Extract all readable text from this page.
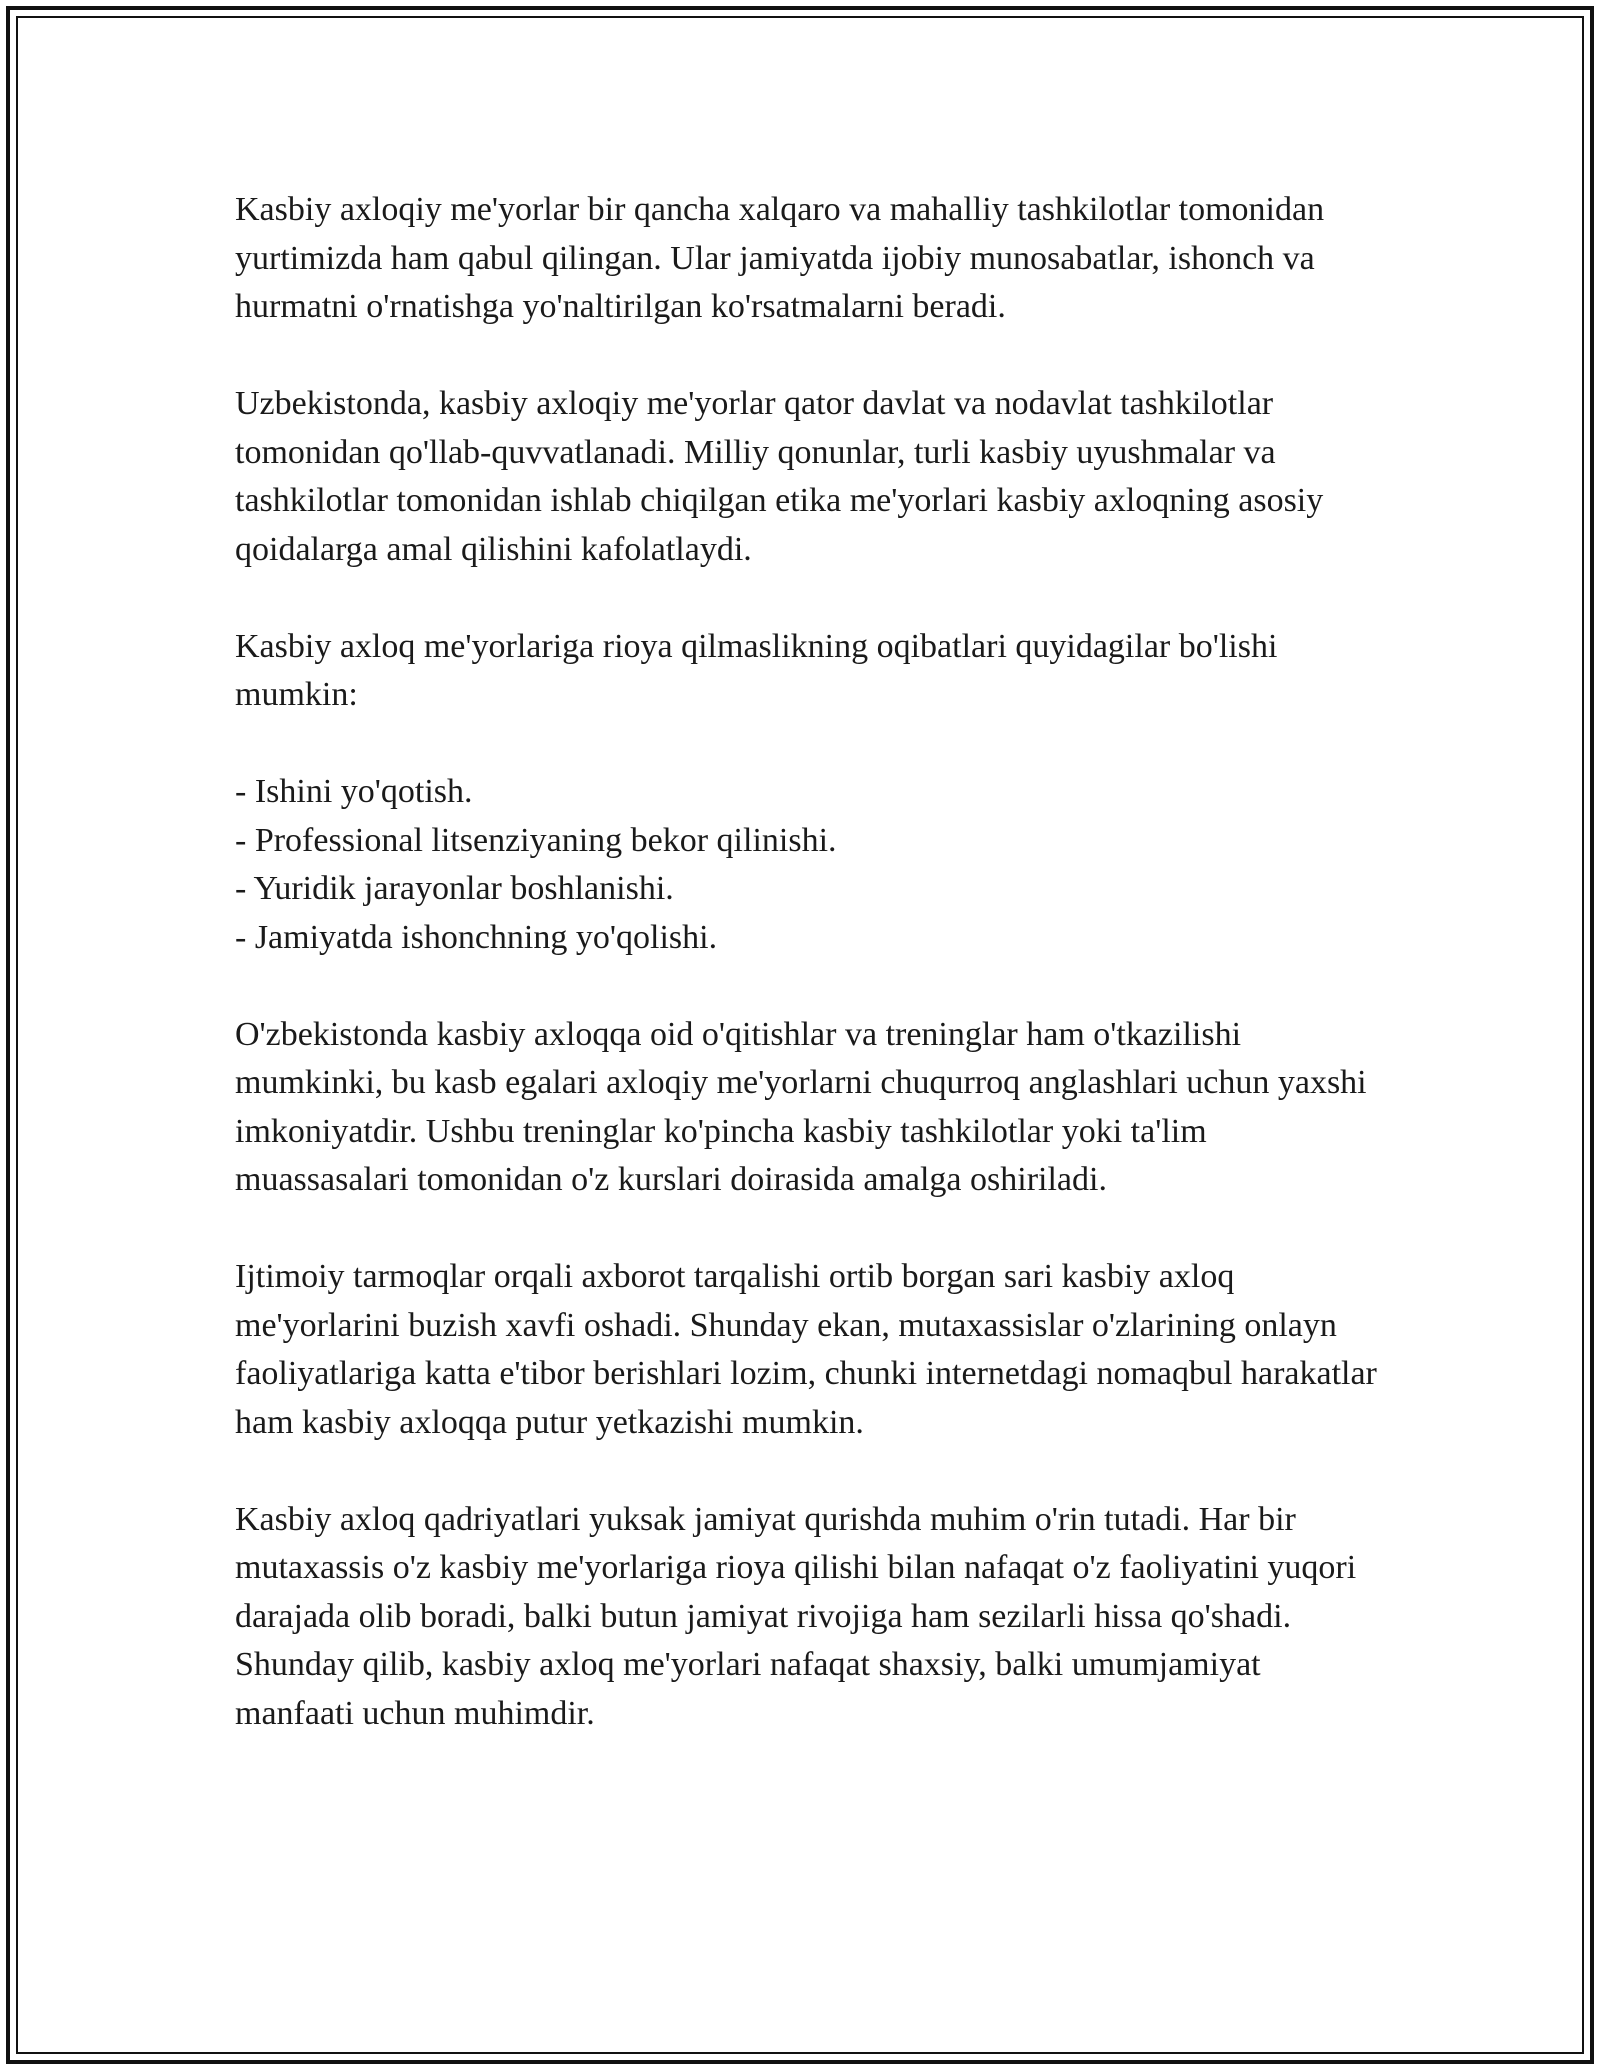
Kasbiy axloqiy me'yorlar bir qancha xalqaro va mahalliy tashkilotlar tomonidan yurtimizda ham qabul qilingan. Ular jamiyatda ijobiy munosabatlar, ishonch va hurmatni o'rnatishga yo'naltirilgan ko'rsatmalarni beradi.

Uzbekistonda, kasbiy axloqiy me'yorlar qator davlat va nodavlat tashkilotlar tomonidan qo'llab-quvvatlanadi. Milliy qonunlar, turli kasbiy uyushmalar va tashkilotlar tomonidan ishlab chiqilgan etika me'yorlari kasbiy axloqning asosiy qoidalarga amal qilishini kafolatlaydi.

Kasbiy axloq me'yorlariga rioya qilmaslikning oqibatlari quyidagilar bo'lishi mumkin:

- Ishini yo'qotish.
- Professional litsenziyaning bekor qilinishi.
- Yuridik jarayonlar boshlanishi.
- Jamiyatda ishonchning yo'qolishi.

O'zbekistonda kasbiy axloqqa oid o'qitishlar va treninglar ham o'tkazilishi mumkinki, bu kasb egalari axloqiy me'yorlarni chuqurroq anglashlari uchun yaxshi imkoniyatdir. Ushbu treninglar ko'pincha kasbiy tashkilotlar yoki ta'lim muassasalari tomonidan o'z kurslari doirasida amalga oshiriladi.

Ijtimoiy tarmoqlar orqali axborot tarqalishi ortib borgan sari kasbiy axloq me'yorlarini buzish xavfi oshadi. Shunday ekan, mutaxassislar o'zlarining onlayn faoliyatlariga katta e'tibor berishlari lozim, chunki internetdagi nomaqbul harakatlar ham kasbiy axloqqa putur yetkazishi mumkin.

Kasbiy axloq qadriyatlari yuksak jamiyat qurishda muhim o'rin tutadi. Har bir mutaxassis o'z kasbiy me'yorlariga rioya qilishi bilan nafaqat o'z faoliyatini yuqori darajada olib boradi, balki butun jamiyat rivojiga ham sezilarli hissa qo'shadi. Shunday qilib, kasbiy axloq me'yorlari nafaqat shaxsiy, balki umumjamiyat manfaati uchun muhimdir.
